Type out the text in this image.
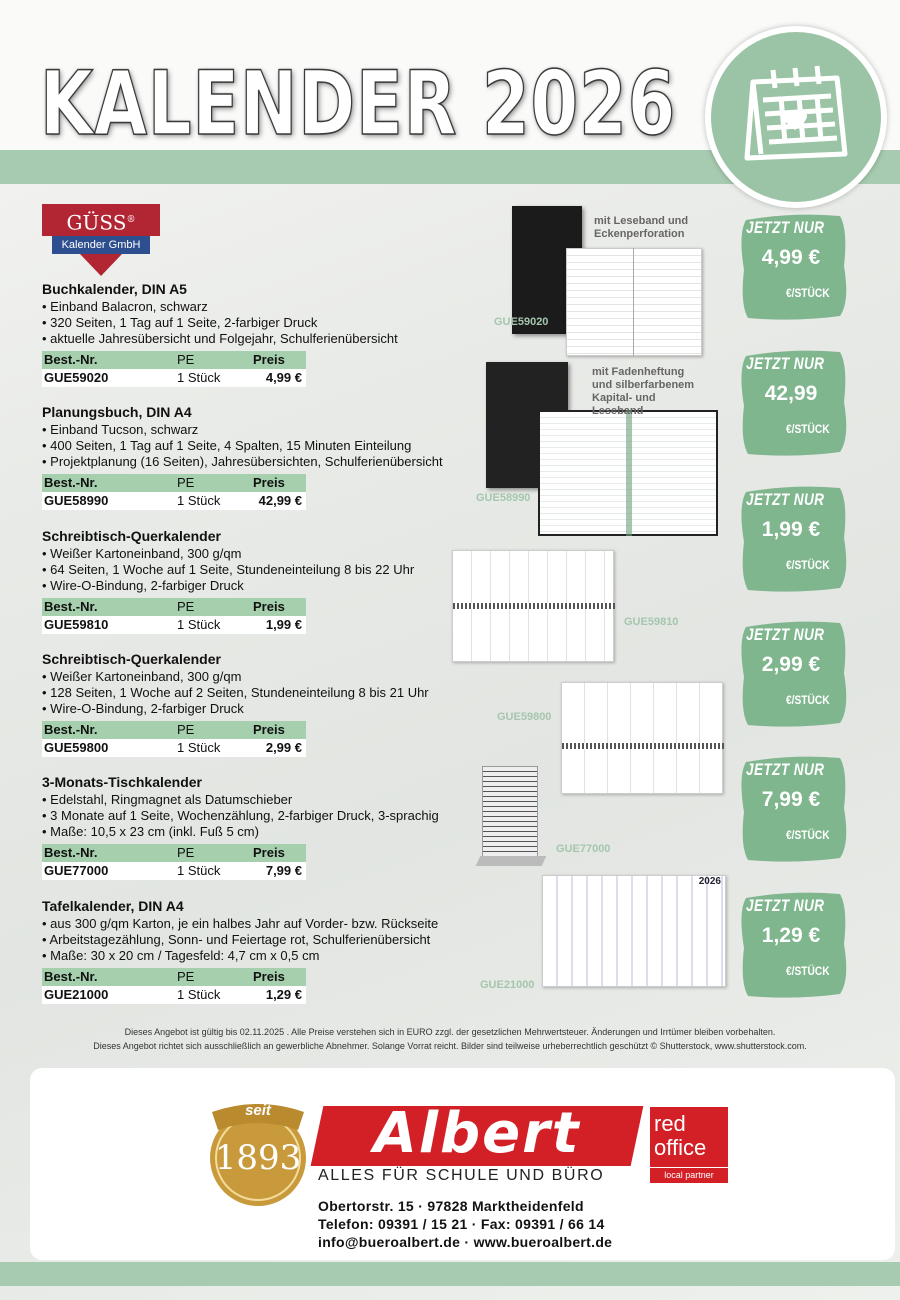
KALENDER 2026
GÜSS®
Kalender GmbH
Buchkalender, DIN A5
• Einband Balacron, schwarz
• 320 Seiten, 1 Tag auf 1 Seite, 2-farbiger Druck
• aktuelle Jahresübersicht und Folgejahr, Schulferienübersicht
Best.-Nr.	PE	Preis
GUE59020	1 Stück	4,99 €
Planungsbuch, DIN A4
• Einband Tucson, schwarz
• 400 Seiten, 1 Tag auf 1 Seite, 4 Spalten, 15 Minuten Einteilung
• Projektplanung (16 Seiten), Jahresübersichten, Schulferienübersicht
Best.-Nr.	PE	Preis
GUE58990	1 Stück	42,99 €
Schreibtisch-Querkalender
• Weißer Kartoneinband, 300 g/qm
• 64 Seiten, 1 Woche auf 1 Seite, Stundeneinteilung 8 bis 22 Uhr
• Wire-O-Bindung, 2-farbiger Druck
Best.-Nr.	PE	Preis
GUE59810	1 Stück	1,99 €
Schreibtisch-Querkalender
• Weißer Kartoneinband, 300 g/qm
• 128 Seiten, 1 Woche auf 2 Seiten, Stundeneinteilung 8 bis 21 Uhr
• Wire-O-Bindung, 2-farbiger Druck
Best.-Nr.	PE	Preis
GUE59800	1 Stück	2,99 €
3-Monats-Tischkalender
• Edelstahl, Ringmagnet als Datumschieber
• 3 Monate auf 1 Seite, Wochenzählung, 2-farbiger Druck, 3-sprachig
• Maße: 10,5 x 23 cm (inkl. Fuß 5 cm)
Best.-Nr.	PE	Preis
GUE77000	1 Stück	7,99 €
Tafelkalender, DIN A4
• aus 300 g/qm Karton, je ein halbes Jahr auf Vorder- bzw. Rückseite
• Arbeitstagezählung, Sonn- und Feiertage rot, Schulferienübersicht
• Maße: 30 x 20 cm / Tagesfeld: 4,7 cm x 0,5 cm
Best.-Nr.	PE	Preis
GUE21000	1 Stück	1,29 €
mit Leseband und Eckenperforation
GUE59020
mit Fadenheftung und silberfarbenem Kapital- und Leseband
GUE58990
GUE59810
GUE59800
GUE77000
2026
GUE21000
JETZT NUR
4,99 €
€/STÜCK
JETZT NUR
42,99
€/STÜCK
JETZT NUR
1,99 €
€/STÜCK
JETZT NUR
2,99 €
€/STÜCK
JETZT NUR
7,99 €
€/STÜCK
JETZT NUR
1,29 €
€/STÜCK
Dieses Angebot ist gültig bis 02.11.2025 . Alle Preise verstehen sich in EURO zzgl. der gesetzlichen Mehrwertsteuer. Änderungen und Irrtümer bleiben vorbehalten.
Dieses Angebot richtet sich ausschließlich an gewerbliche Abnehmer. Solange Vorrat reicht. Bilder sind teilweise urheberrechtlich geschützt © Shutterstock, www.shutterstock.com.
seit
1893	Albert
ALLES FÜR SCHULE UND BÜRO
red
office
local partner
Obertorstr. 15 · 97828 Marktheidenfeld
Telefon: 09391 / 15 21 · Fax: 09391 / 66 14
info@bueroalbert.de · www.bueroalbert.de
